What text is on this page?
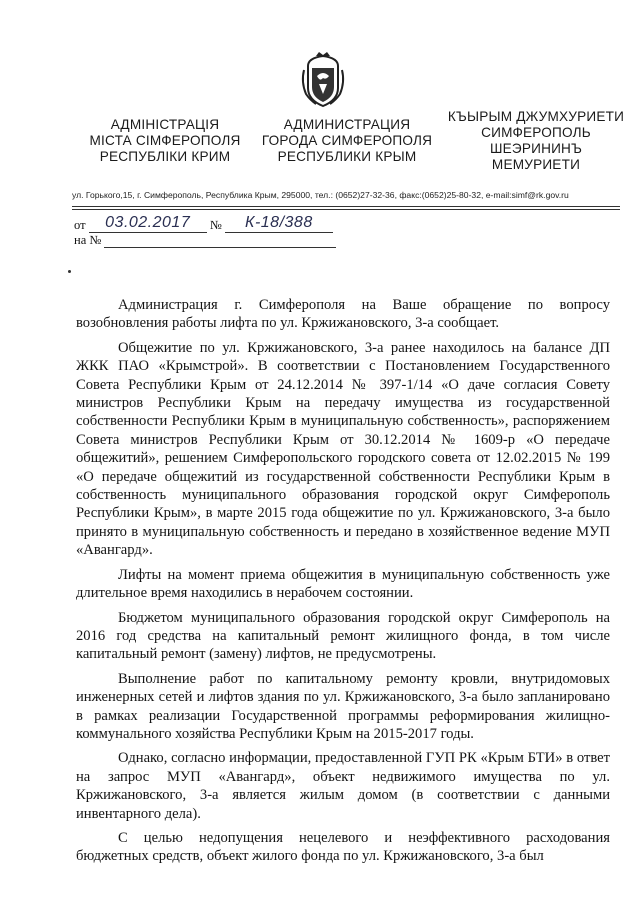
АДМІНІСТРАЦІЯ
МІСТА СІМФЕРОПОЛЯ
РЕСПУБЛІКИ КРИМ
АДМИНИСТРАЦИЯ
ГОРОДА СИМФЕРОПОЛЯ
РЕСПУБЛИКИ КРЫМ
КЪЫРЫМ ДЖУМХУРИЕТИ
СИМФЕРОПОЛЬ
ШЕЭРИНИНЪ
МЕМУРИЕТИ
ул. Горького,15, г. Симферополь, Республика Крым, 295000, тел.: (0652)27-32-36, факс:(0652)25-80-32, e-mail:simf@rk.gov.ru
от 03.02.2017 № К-18/388
на №

Администрация г. Симферополя на Ваше обращение по вопросу возобновления работы лифта по ул. Кржижановского, 3-а сообщает.

Общежитие по ул. Кржижановского, 3-а ранее находилось на балансе ДП ЖКК ПАО «Крымстрой». В соответствии с Постановлением Государственного Совета Республики Крым от 24.12.2014 № 397-1/14 «О даче согласия Совету министров Республики Крым на передачу имущества из государственной собственности Республики Крым в муниципальную собственность», распоряжением Совета министров Республики Крым от 30.12.2014 № 1609-р «О передаче общежитий», решением Симферопольского городского совета от 12.02.2015 № 199 «О передаче общежитий из государственной собственности Республики Крым в собственность муниципального образования городской округ Симферополь Республики Крым», в марте 2015 года общежитие по ул. Кржижановского, 3-а было принято в муниципальную собственность и передано в хозяйственное ведение МУП «Авангард».

Лифты на момент приема общежития в муниципальную собственность уже длительное время находились в нерабочем состоянии.

Бюджетом муниципального образования городской округ Симферополь на 2016 год средства на капитальный ремонт жилищного фонда, в том числе капитальный ремонт (замену) лифтов, не предусмотрены.

Выполнение работ по капитальному ремонту кровли, внутридомовых инженерных сетей и лифтов здания по ул. Кржижановского, 3-а было запланировано в рамках реализации Государственной программы реформирования жилищно-коммунального хозяйства Республики Крым на 2015-2017 годы.

Однако, согласно информации, предоставленной ГУП РК «Крым БТИ» в ответ на запрос МУП «Авангард», объект недвижимого имущества по ул. Кржижановского, 3-а является жилым домом (в соответствии с данными инвентарного дела).

С целью недопущения нецелевого и неэффективного расходования бюджетных средств, объект жилого фонда по ул. Кржижановского, 3-а был
